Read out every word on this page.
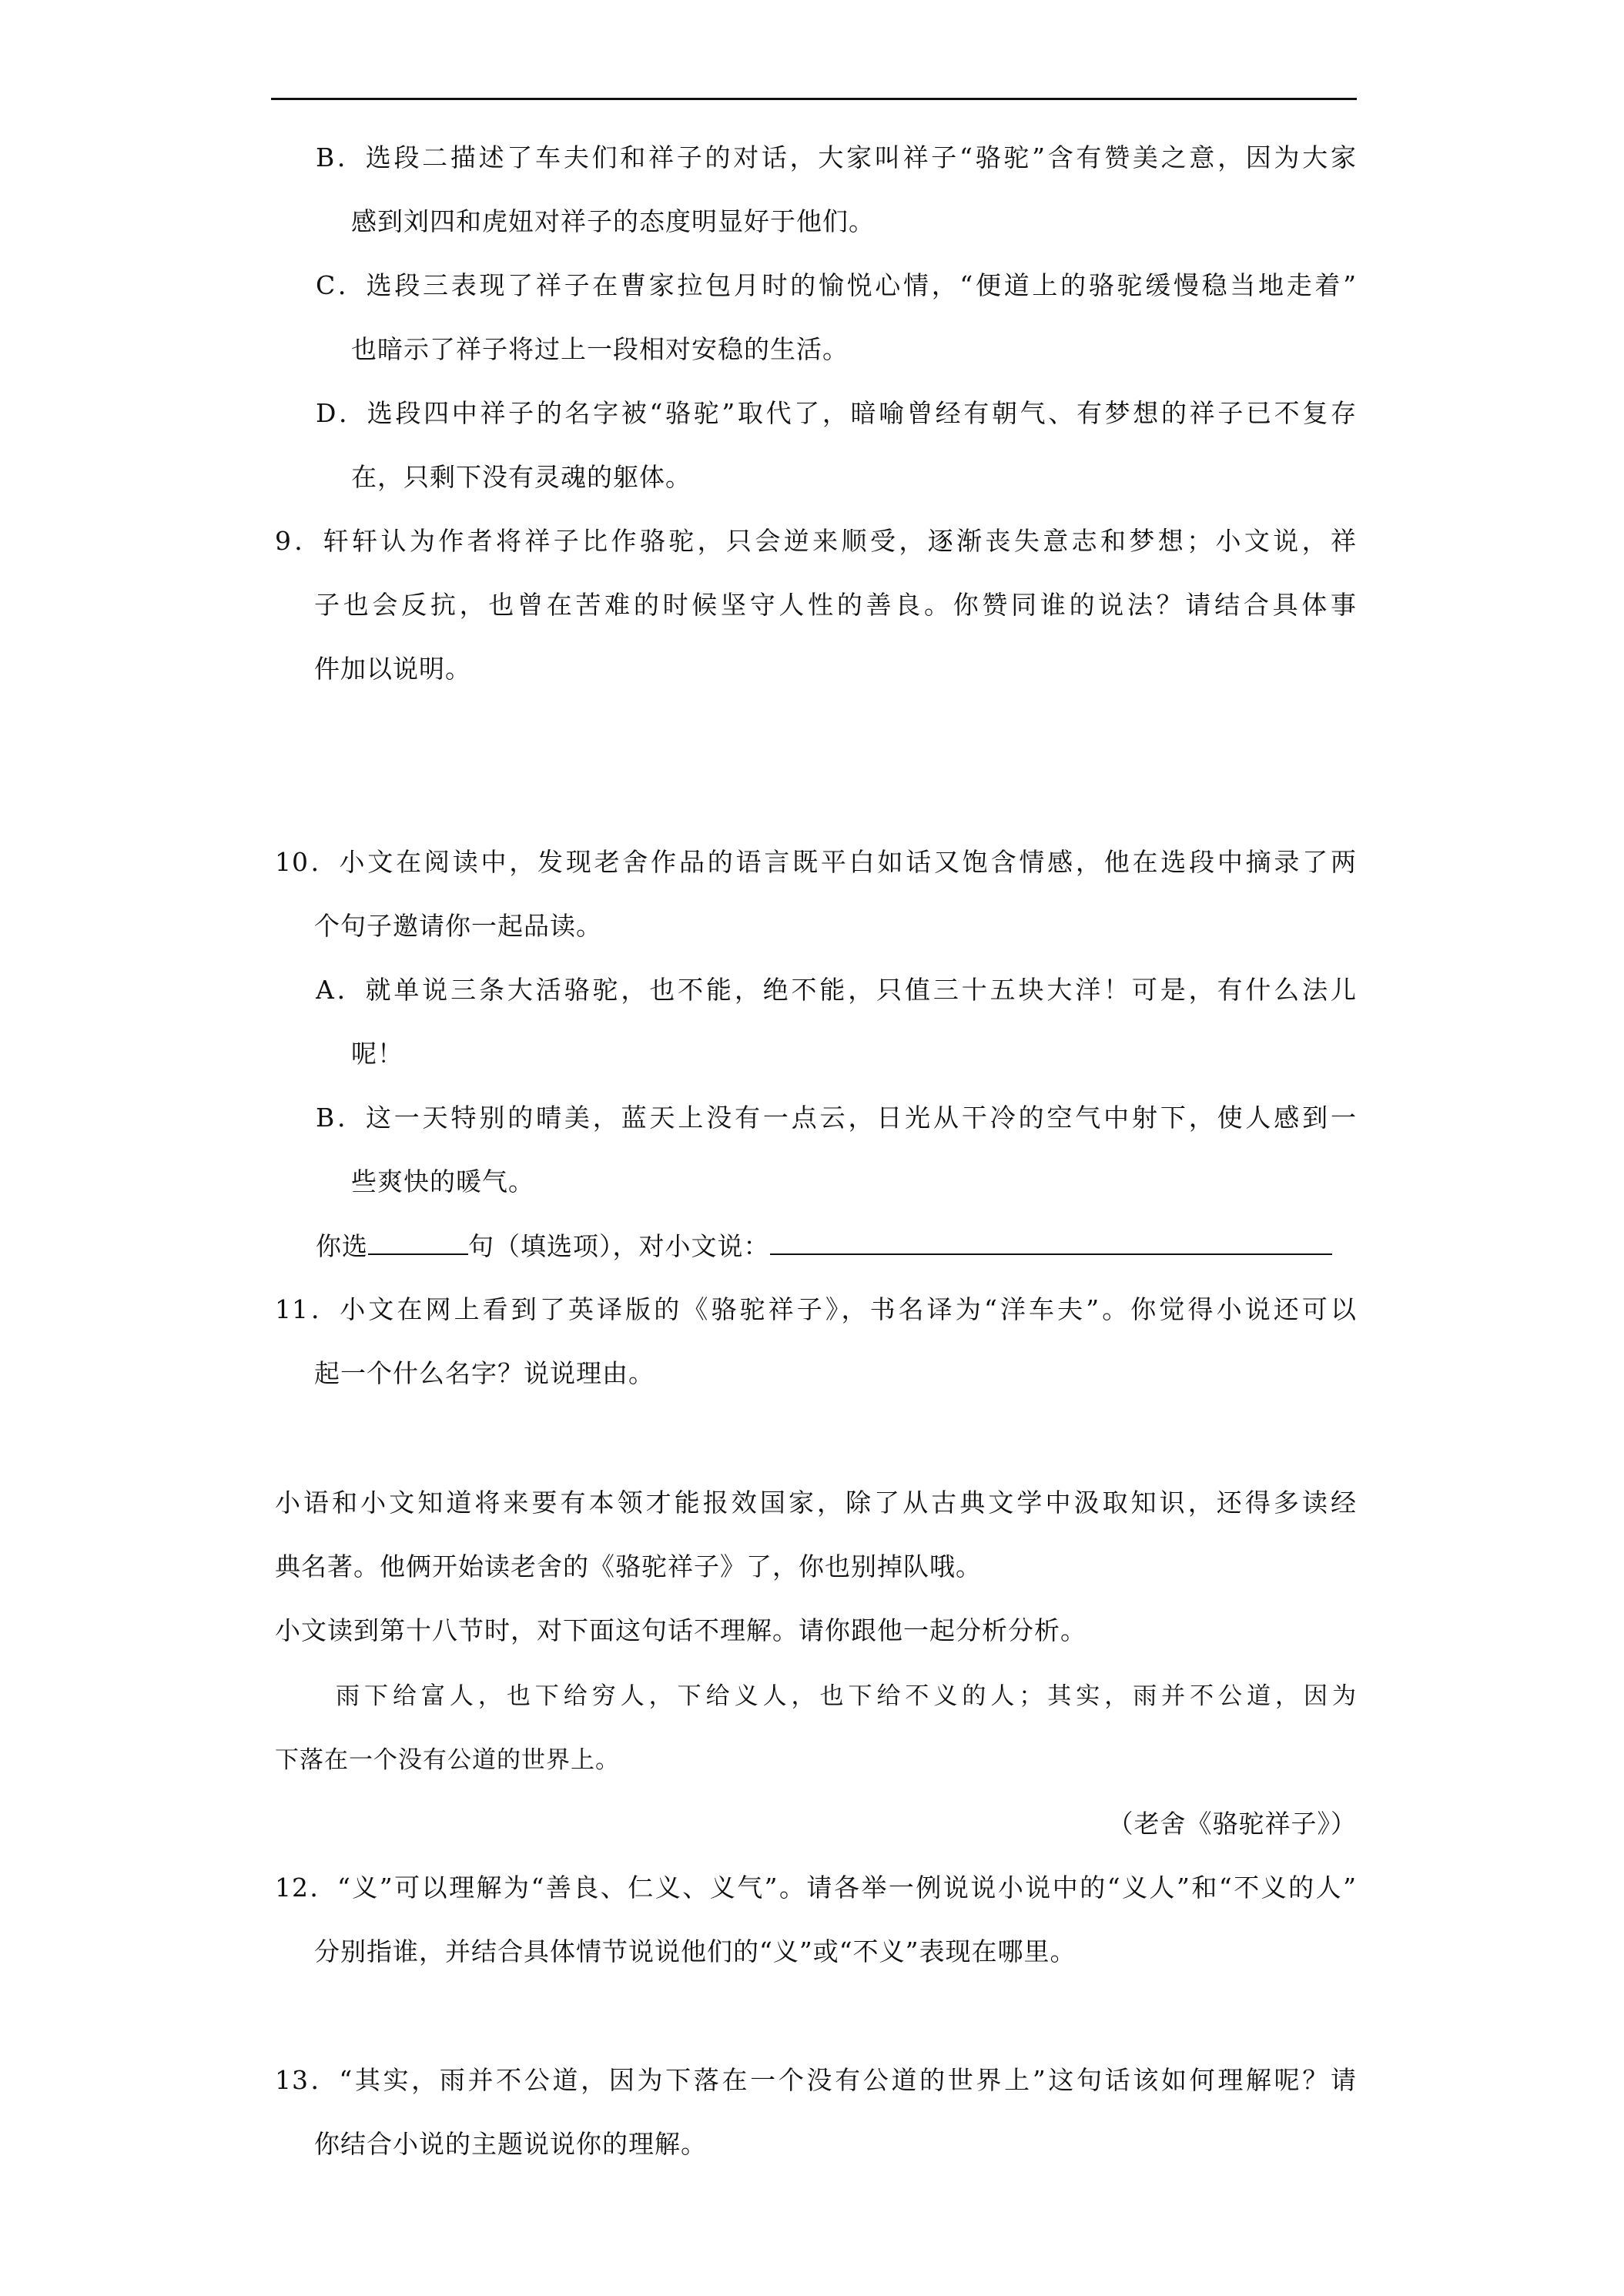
B．选段二描述了车夫们和祥子的对话，大家叫祥子“骆驼”含有赞美之意，因为大家
感到刘四和虎妞对祥子的态度明显好于他们。
C．选段三表现了祥子在曹家拉包月时的愉悦心情，“便道上的骆驼缓慢稳当地走着”
也暗示了祥子将过上一段相对安稳的生活。
D．选段四中祥子的名字被“骆驼”取代了，暗喻曾经有朝气、有梦想的祥子已不复存
在，只剩下没有灵魂的躯体。
9．轩轩认为作者将祥子比作骆驼，只会逆来顺受，逐渐丧失意志和梦想；小文说，祥
子也会反抗，也曾在苦难的时候坚守人性的善良。你赞同谁的说法？请结合具体事
件加以说明。
10．小文在阅读中，发现老舍作品的语言既平白如话又饱含情感，他在选段中摘录了两
个句子邀请你一起品读。
A．就单说三条大活骆驼，也不能，绝不能，只值三十五块大洋！可是，有什么法儿
呢！
B．这一天特别的晴美，蓝天上没有一点云，日光从干冷的空气中射下，使人感到一
些爽快的暖气。
你选	句（填选项），对小文说：
11．小文在网上看到了英译版的《骆驼祥子》，书名译为“洋车夫”。你觉得小说还可以
起一个什么名字？说说理由。
小语和小文知道将来要有本领才能报效国家，除了从古典文学中汲取知识，还得多读经
典名著。他俩开始读老舍的《骆驼祥子》了，你也别掉队哦。
小文读到第十八节时，对下面这句话不理解。请你跟他一起分析分析。
雨下给富人，也下给穷人，下给义人，也下给不义的人；其实，雨并不公道，因为
下落在一个没有公道的世界上。
（老舍《骆驼祥子》）
12．“义”可以理解为“善良、仁义、义气”。请各举一例说说小说中的“义人”和“不义的人”
分别指谁，并结合具体情节说说他们的“义”或“不义”表现在哪里。
13．“其实，雨并不公道，因为下落在一个没有公道的世界上”这句话该如何理解呢？请
你结合小说的主题说说你的理解。
